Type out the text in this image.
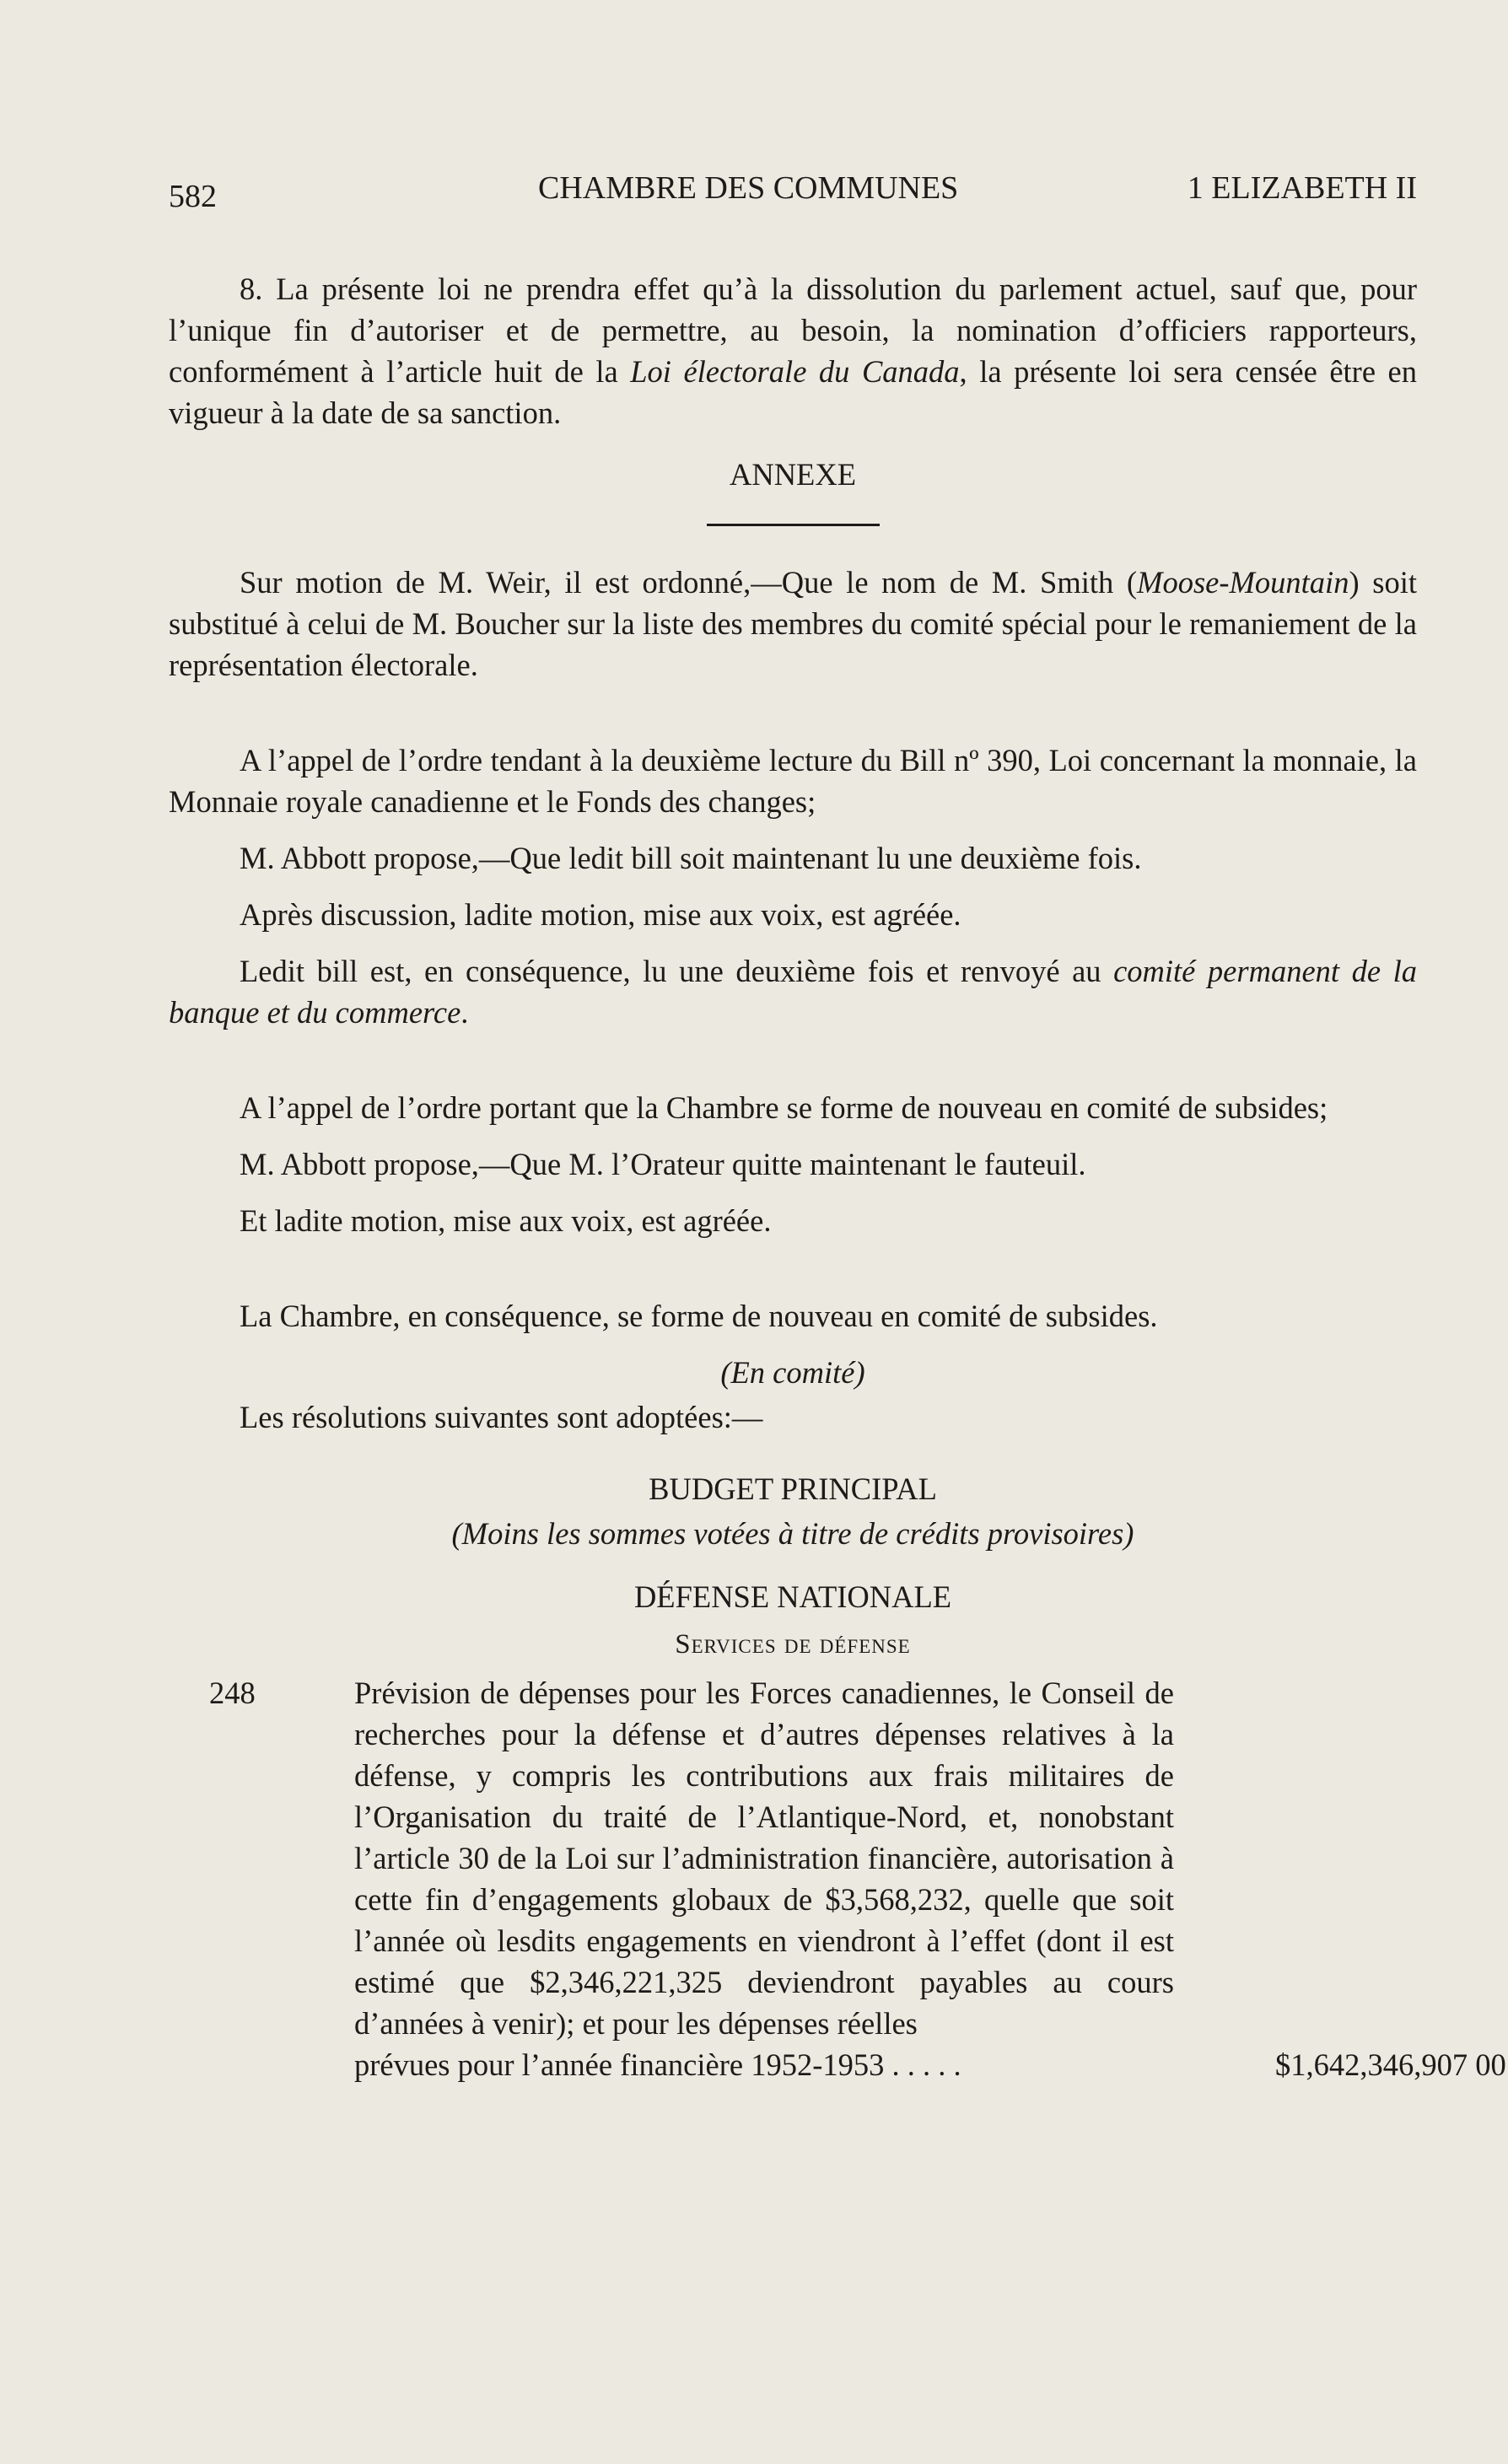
582	CHAMBRE DES COMMUNES	1 ELIZABETH II

8. La présente loi ne prendra effet qu’à la dissolution du parlement actuel, sauf que, pour l’unique fin d’autoriser et de permettre, au besoin, la nomination d’officiers rapporteurs, conformément à l’article huit de la Loi électorale du Canada, la présente loi sera censée être en vigueur à la date de sa sanction.

ANNEXE

Sur motion de M. Weir, il est ordonné,—Que le nom de M. Smith (Moose-Mountain) soit substitué à celui de M. Boucher sur la liste des membres du comité spécial pour le remaniement de la représentation électorale.

A l’appel de l’ordre tendant à la deuxième lecture du Bill nº 390, Loi concernant la monnaie, la Monnaie royale canadienne et le Fonds des changes;

M. Abbott propose,—Que ledit bill soit maintenant lu une deuxième fois.

Après discussion, ladite motion, mise aux voix, est agréée.

Ledit bill est, en conséquence, lu une deuxième fois et renvoyé au comité permanent de la banque et du commerce.

A l’appel de l’ordre portant que la Chambre se forme de nouveau en comité de subsides;

M. Abbott propose,—Que M. l’Orateur quitte maintenant le fauteuil.

Et ladite motion, mise aux voix, est agréée.

La Chambre, en conséquence, se forme de nouveau en comité de subsides.

(En comité)

Les résolutions suivantes sont adoptées:—

BUDGET PRINCIPAL

(Moins les sommes votées à titre de crédits provisoires)

DÉFENSE NATIONALE

Services de défense

248	Prévision de dépenses pour les Forces canadiennes, le Conseil de recherches pour la défense et d’autres dépenses relatives à la défense, y compris les contributions aux frais militaires de l’Organisation du traité de l’Atlantique-Nord, et, nonobstant l’article 30 de la Loi sur l’administration financière, autorisation à cette fin d’engagements globaux de $3,568,232, quelle que soit l’année où lesdits engagements en viendront à l’effet (dont il est estimé que $2,346,221,325 deviendront payables au cours d’années à venir); et pour les dépenses réelles

prévues pour l’année financière 1952-1953 . . . . .	$1,642,346,907 00
